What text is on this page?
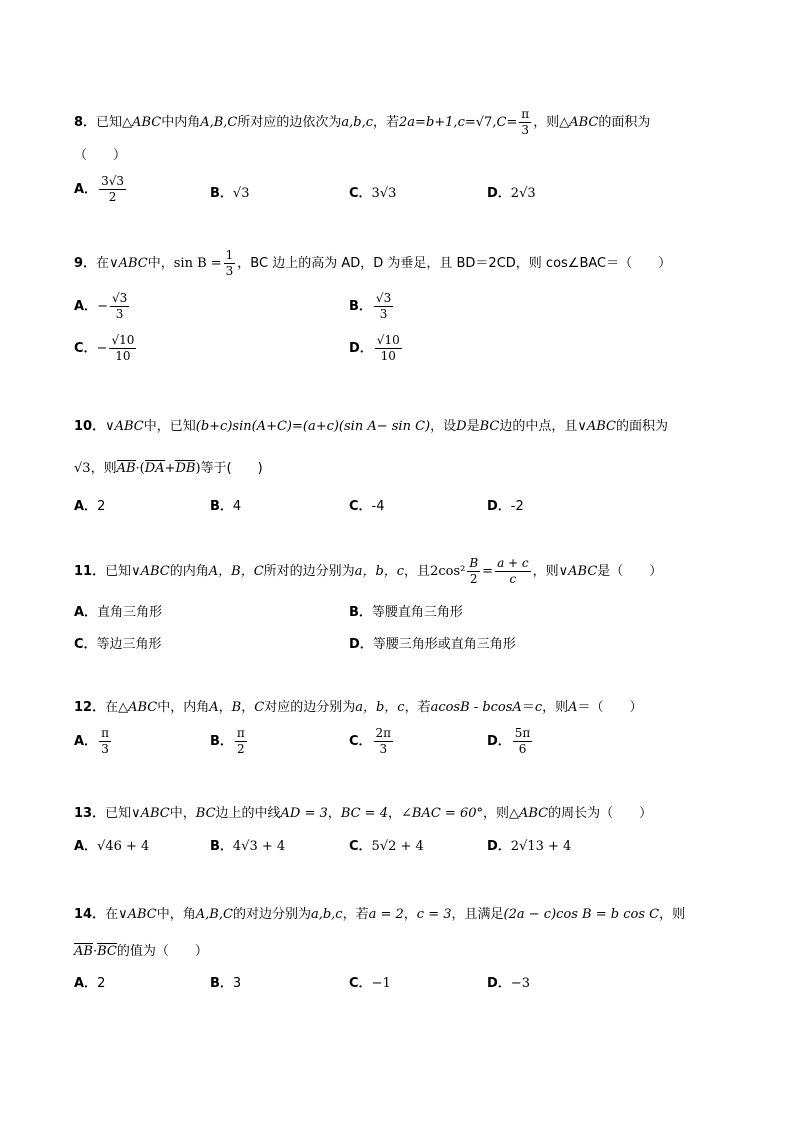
8．已知△ABC中内角A,B,C所对应的边依次为a,b,c，若$2a=b+1,c=√7,C= \frac{\pi}{3}$ ，则△ABC的面积为
（　　）
A． $\frac{3√3}{2}$	B．√3	C．3√3	D．2√3
9．在∨ABC中，$\sin B = \frac{1}{3}$ ，BC 边上的高为 AD，D 为垂足，且 BD＝2CD，则 cos∠BAC＝（　　）
A．− $\frac{√3}{3}$	B． $\frac{√3}{3}$
C．− $\frac{√10}{10}$	D． $\frac{√10}{10}$
10．∨ABC中，已知(b+c)sin(A+C)=(a+c)(sin A− sin C)，设D是BC边的中点，且∨ABC的面积为
√3，则AB·(DA+DB)等于(　　)
A．2	B．4	C．-4	D．-2
11．已知∨ABC的内角A，B，C所对的边分别为a，b，c，且$2\cos^2 \frac{B}{2} = \frac{a + c}{c}$ ，则∨ABC是（　　）
A．直角三角形	B．等腰直角三角形
C．等边三角形	D．等腰三角形或直角三角形
12．在△ABC中，内角A，B，C对应的边分别为a，b，c，若acosB - bcosA＝c，则A＝（　　）
A． $\frac{\pi}{3}$	B． $\frac{\pi}{2}$	C． $\frac{2\pi}{3}$	D． $\frac{5\pi}{6}$
13．已知∨ABC中，BC边上的中线AD = 3，BC = 4，∠BAC = 60°，则△ABC的周长为（　　）
A．√46 + 4	B．4√3 + 4	C．5√2 + 4	D．2√13 + 4
14．在∨ABC中，角A,B,C的对边分别为a,b,c，若a = 2，c = 3，且满足(2a − c)cos B = b cos C，则
AB·BC的值为（　　）
A．2	B．3	C．−1	D．−3
